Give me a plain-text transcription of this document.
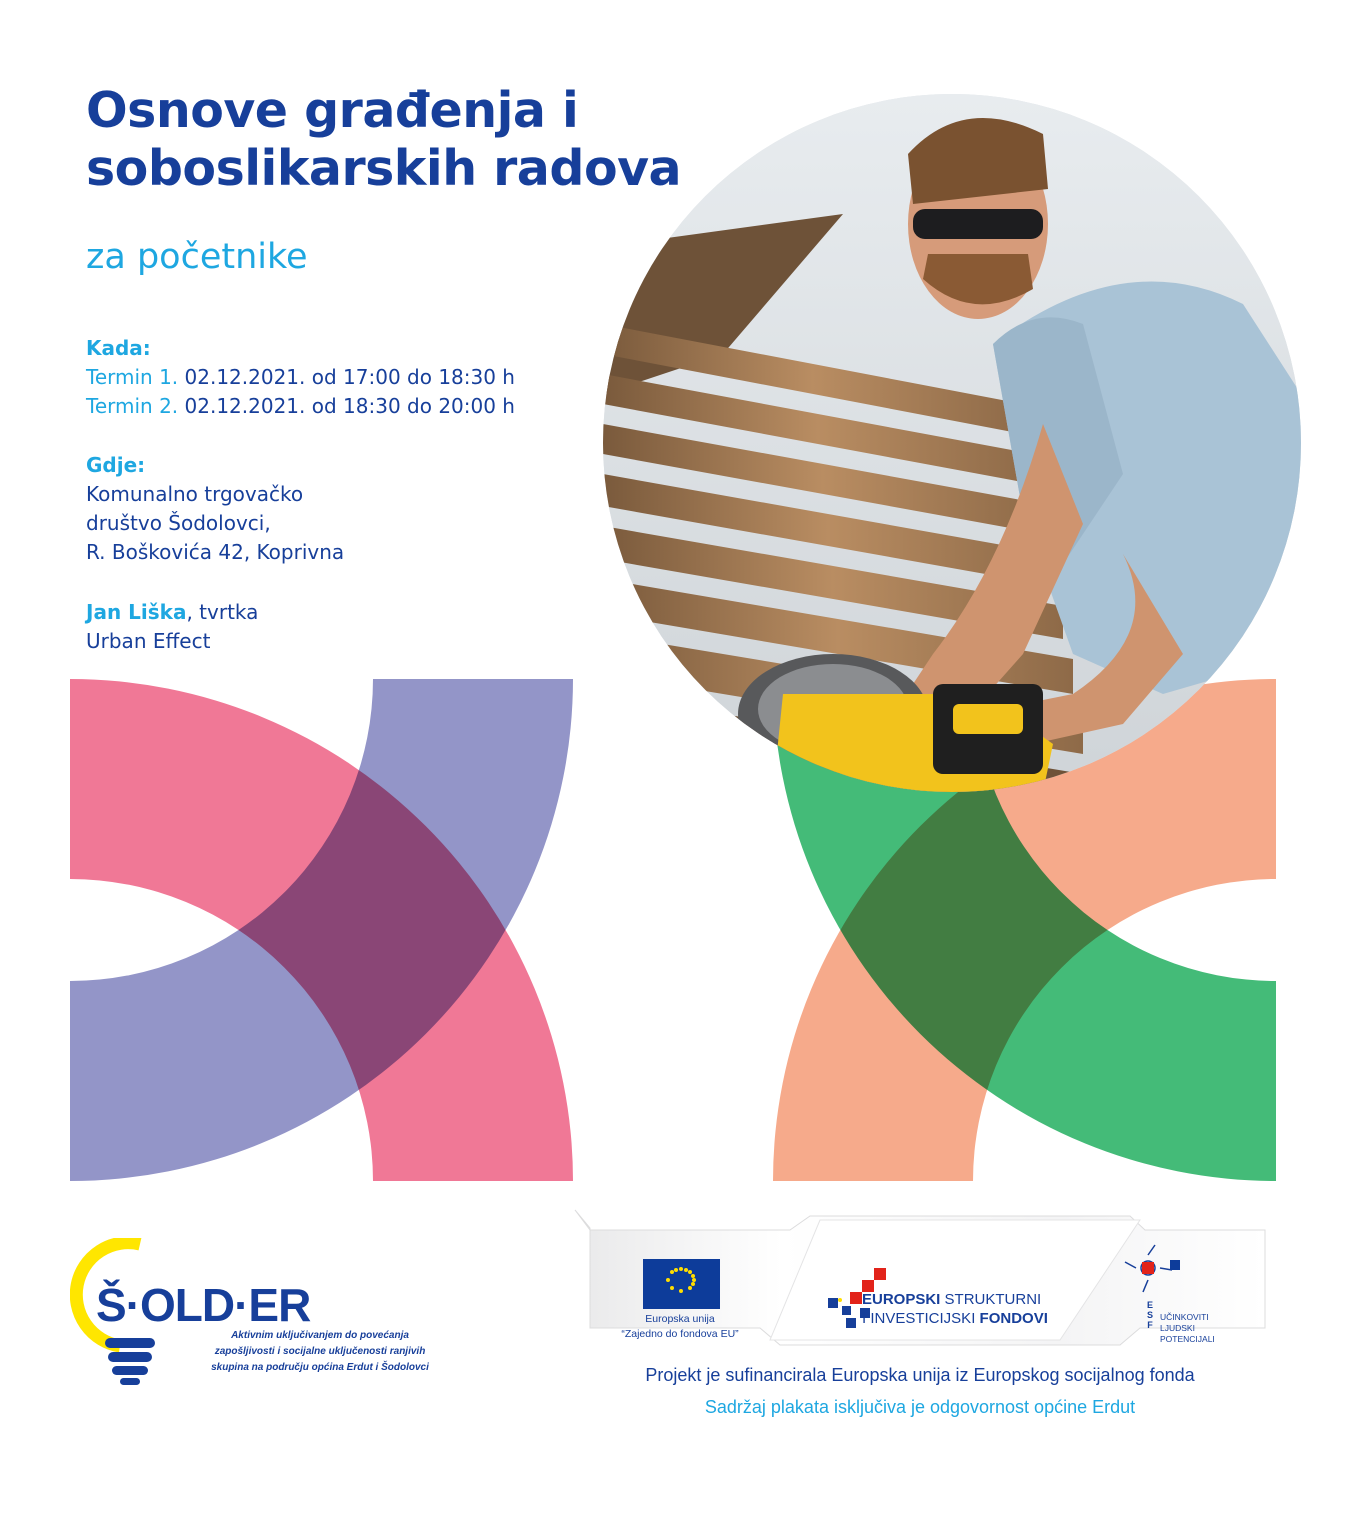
Osnove građenja i
soboslikarskih radova
za početnike
Kada:
Termin 1. 02.12.2021. od 17:00 do 18:30 h
Termin 2. 02.12.2021. od 18:30 do 20:00 h
Gdje:
Komunalno trgovačko
društvo Šodolovci,
R. Boškovića 42, Koprivna
Jan Liška, tvrtka
Urban Effect
Š·OLD·ER
Aktivnim uključivanjem do povećanja zapošljivosti i socijalne uključenosti ranjivih skupina na području općina Erdut i Šodolovci
Europska unija
“Zajedno do fondova EU”
EUROPSKI STRUKTURNI
I INVESTICIJSKI FONDOVI
E
S
F
UČINKOVITI
LJUDSKI
POTENCIJALI
Projekt je sufinancirala Europska unija iz Europskog socijalnog fonda
Sadržaj plakata isključiva je odgovornost općine Erdut
